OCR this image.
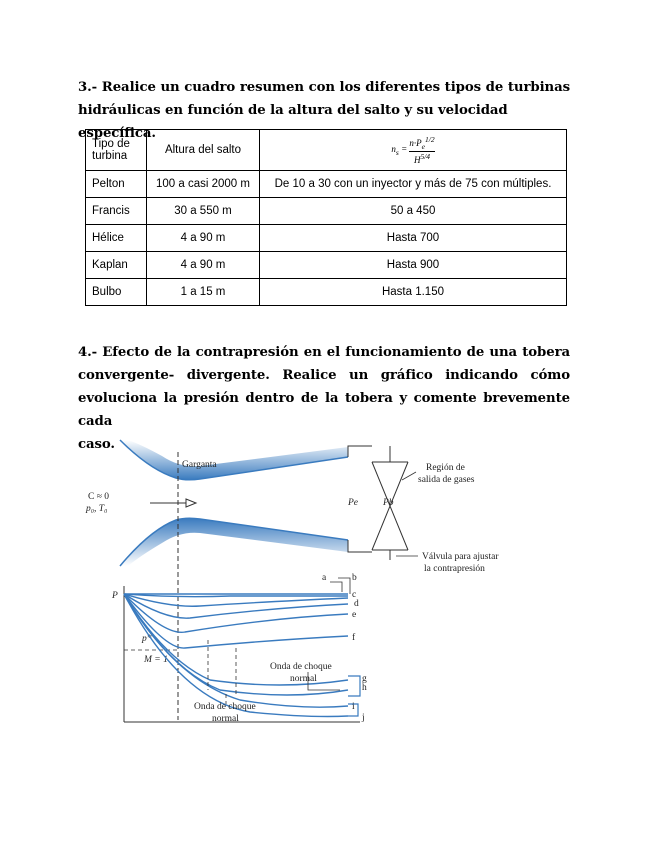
3.- Realice un cuadro resumen con los diferentes tipos de turbinas
hidráulicas en función de la altura del salto y su velocidad específica.
Tipo de turbina	Altura del salto	$n_s = \frac{n\cdot P_e^{1/2}}{H^{5/4}}$

Pelton	100 a casi 2000 m	De 10 a 30 con un inyector y más de 75 con múltiples.
Francis	30 a 550 m	50 a 450
Hélice	4 a 90 m	Hasta 700
Kaplan	4 a 90 m	Hasta 900
Bulbo	1 a 15 m	Hasta 1.150
4.- Efecto de la contrapresión en el funcionamiento de una tobera
convergente- divergente. Realice un gráfico indicando cómo
evoluciona la presión dentro de la tobera y comente brevemente cada
caso.
Garganta
C ≈ 0
p₀, T₀
Pe	Pb
Región de
salida de gases
Válvula para ajustar
la contrapresión
P
p*
M = 1
Onda de choque
normal
Onda de choque
normal
a	b
c
d
e
f
g
h
i
j
